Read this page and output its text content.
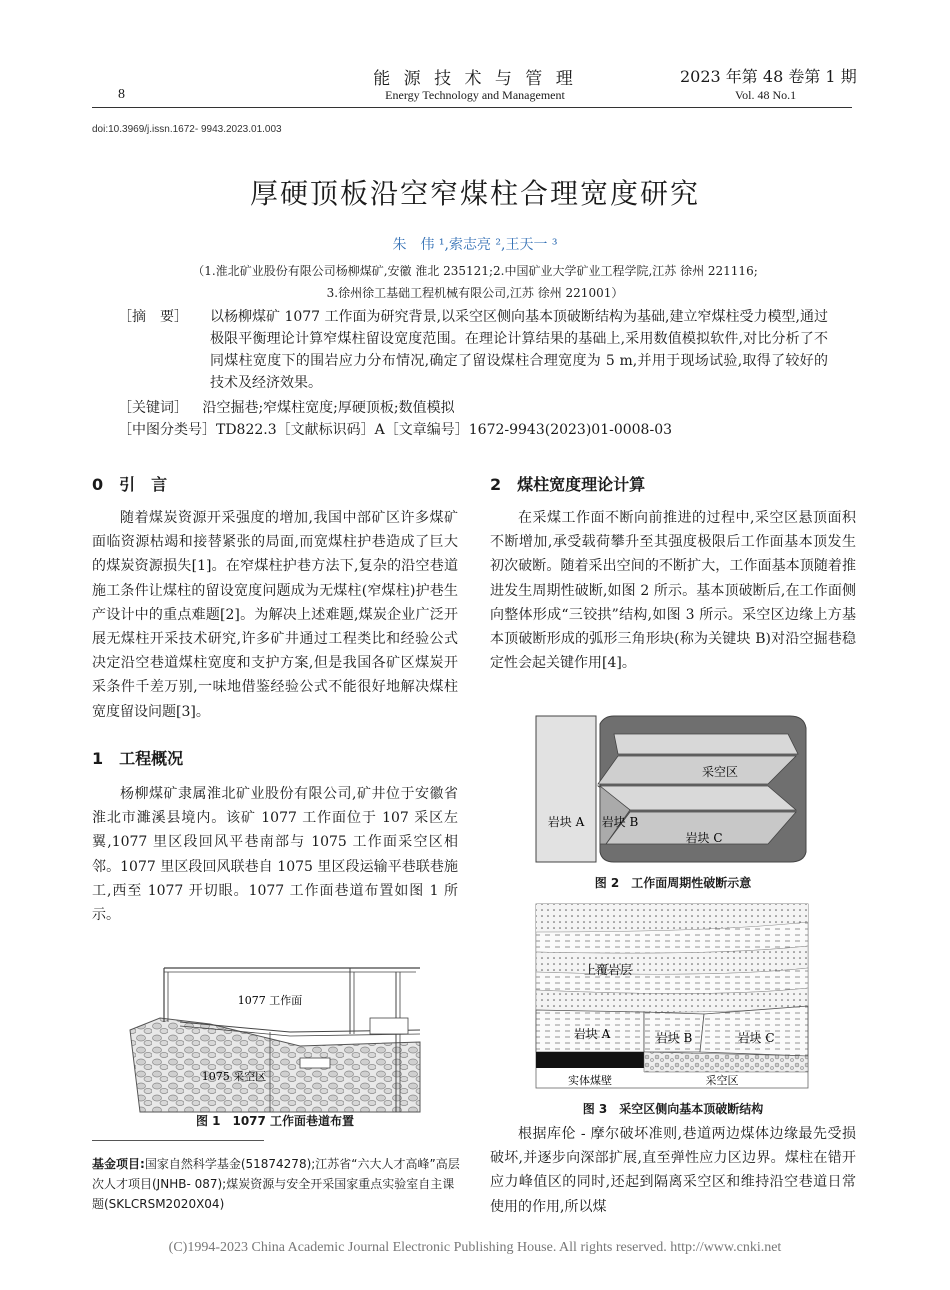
能 源 技 术 与 管 理
Energy Technology and Management
8
2023 年第 48 卷第 1 期
Vol. 48 No.1
doi:10.3969/j.issn.1672- 9943.2023.01.003
厚硬顶板沿空窄煤柱合理宽度研究
朱　伟 ¹,索志亮 ²,王天一 ³
（1.淮北矿业股份有限公司杨柳煤矿,安徽 淮北 235121;2.中国矿业大学矿业工程学院,江苏 徐州 221116;
3.徐州徐工基础工程机械有限公司,江苏 徐州 221001）
［摘　要］ 以杨柳煤矿 1077 工作面为研究背景,以采空区侧向基本顶破断结构为基础,建立窄煤柱受力模型,通过极限平衡理论计算窄煤柱留设宽度范围。在理论计算结果的基础上,采用数值模拟软件,对比分析了不同煤柱宽度下的围岩应力分布情况,确定了留设煤柱合理宽度为 5 m,并用于现场试验,取得了较好的技术及经济效果。
［关键词］ 沿空掘巷;窄煤柱宽度;厚硬顶板;数值模拟
［中图分类号］TD822.3［文献标识码］A［文章编号］1672-9943(2023)01-0008-03
0　引　言

随着煤炭资源开采强度的增加,我国中部矿区许多煤矿面临资源枯竭和接替紧张的局面,而宽煤柱护巷造成了巨大的煤炭资源损失[1]。在窄煤柱护巷方法下,复杂的沿空巷道施工条件让煤柱的留设宽度问题成为无煤柱(窄煤柱)护巷生产设计中的重点难题[2]。为解决上述难题,煤炭企业广泛开展无煤柱开采技术研究,许多矿井通过工程类比和经验公式决定沿空巷道煤柱宽度和支护方案,但是我国各矿区煤炭开采条件千差万别,一味地借鉴经验公式不能很好地解决煤柱宽度留设问题[3]。

1　工程概况

杨柳煤矿隶属淮北矿业股份有限公司,矿井位于安徽省淮北市濉溪县境内。该矿 1077 工作面位于 107 采区左翼,1077 里区段回风平巷南部与 1075 工作面采空区相邻。1077 里区段回风联巷自 1075 里区段运输平巷联巷施工,西至 1077 开切眼。1077 工作面巷道布置如图 1 所示。

1077 工作面
1075 采空区
图 1　1077 工作面巷道布置
基金项目:国家自然科学基金(51874278);江苏省“六大人才高峰”高层次人才项目(JNHB- 087);煤炭资源与安全开采国家重点实验室自主课题(SKLCRSM2020X04)
2　煤柱宽度理论计算

在采煤工作面不断向前推进的过程中,采空区悬顶面积不断增加,承受载荷攀升至其强度极限后工作面基本顶发生初次破断。随着采出空间的不断扩大，工作面基本顶随着推进发生周期性破断,如图 2 所示。基本顶破断后,在工作面侧向整体形成“三铰拱”结构,如图 3 所示。采空区边缘上方基本顶破断形成的弧形三角形块(称为关键块 B)对沿空掘巷稳定性会起关键作用[4]。

采空区
岩块 A 岩块 B
岩块 C
图 2　工作面周期性破断示意
上覆岩层
岩块 A	岩块 B	岩块 C
实体煤壁	采空区
图 3　采空区侧向基本顶破断结构

根据库伦 - 摩尔破坏准则,巷道两边煤体边缘最先受损破坏,并逐步向深部扩展,直至弹性应力区边界。煤柱在错开应力峰值区的同时,还起到隔离采空区和维持沿空巷道日常使用的作用,所以煤

(C)1994-2023 China Academic Journal Electronic Publishing House. All rights reserved. http://www.cnki.net
